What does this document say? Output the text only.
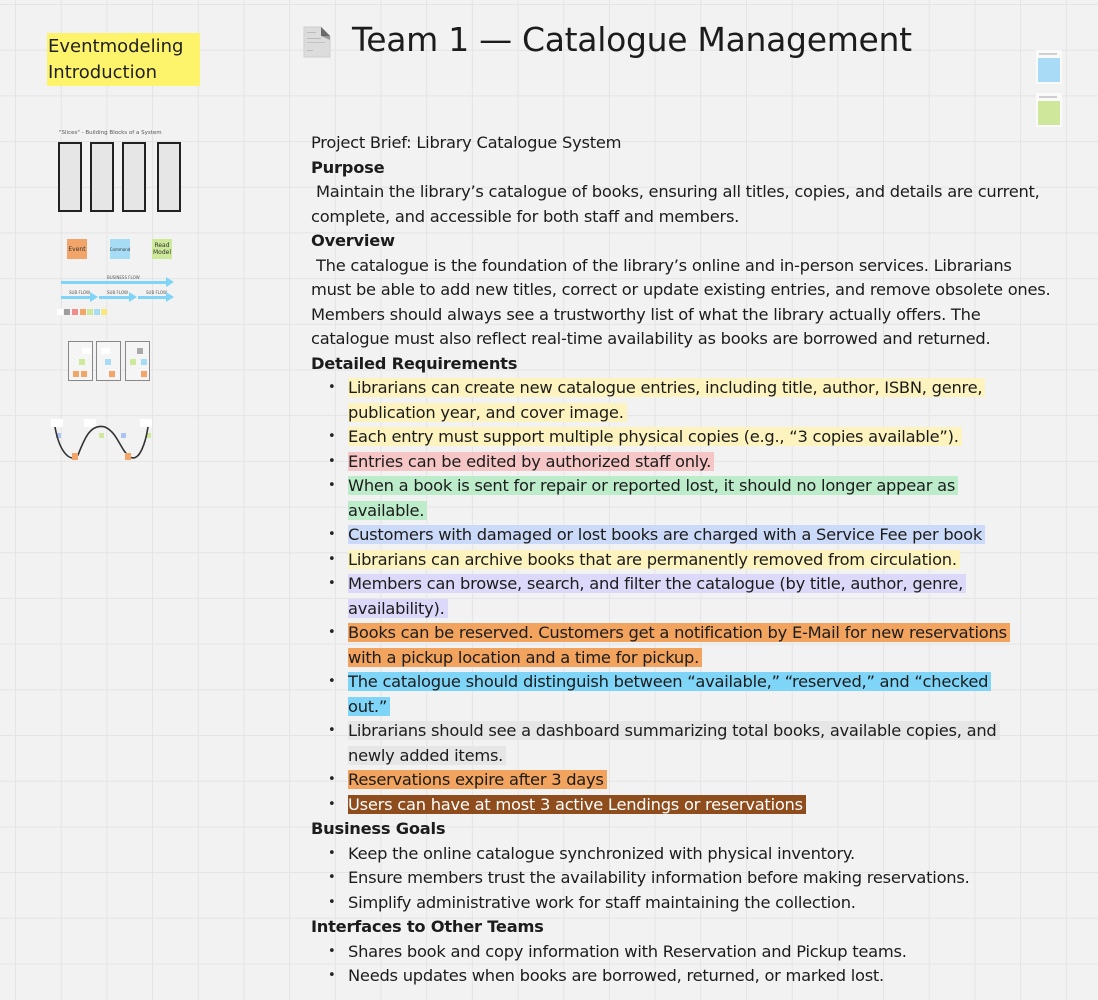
Eventmodeling
Introduction
"Slices" - Building Blocks of a System
Event	Command	Read Model
BUSINESS FLOW
SUB FLOW	SUB FLOW	SUB FLOW
Team 1 — Catalogue Management

Project Brief: Library Catalogue System

Purpose

Maintain the library’s catalogue of books, ensuring all titles, copies, and details are current, complete, and accessible for both staff and members.

Overview

The catalogue is the foundation of the library’s online and in-person services. Librarians must be able to add new titles, correct or update existing entries, and remove obsolete ones. Members should always see a trustworthy list of what the library actually offers. The catalogue must also reflect real-time availability as books are borrowed and returned.

Detailed Requirements

• Librarians can create new catalogue entries, including title, author, ISBN, genre, publication year, and cover image.
• Each entry must support multiple physical copies (e.g., “3 copies available”).
• Entries can be edited by authorized staff only.
• When a book is sent for repair or reported lost, it should no longer appear as available.
• Customers with damaged or lost books are charged with a Service Fee per book
• Librarians can archive books that are permanently removed from circulation.
• Members can browse, search, and filter the catalogue (by title, author, genre, availability).
• Books can be reserved. Customers get a notification by E-Mail for new reservations with a pickup location and a time for pickup.
• The catalogue should distinguish between “available,” “reserved,” and “checked out.”
• Librarians should see a dashboard summarizing total books, available copies, and newly added items.
• Reservations expire after 3 days
• Users can have at most 3 active Lendings or reservations

Business Goals

• Keep the online catalogue synchronized with physical inventory.
• Ensure members trust the availability information before making reservations.
• Simplify administrative work for staff maintaining the collection.

Interfaces to Other Teams

• Shares book and copy information with Reservation and Pickup teams.
• Needs updates when books are borrowed, returned, or marked lost.
